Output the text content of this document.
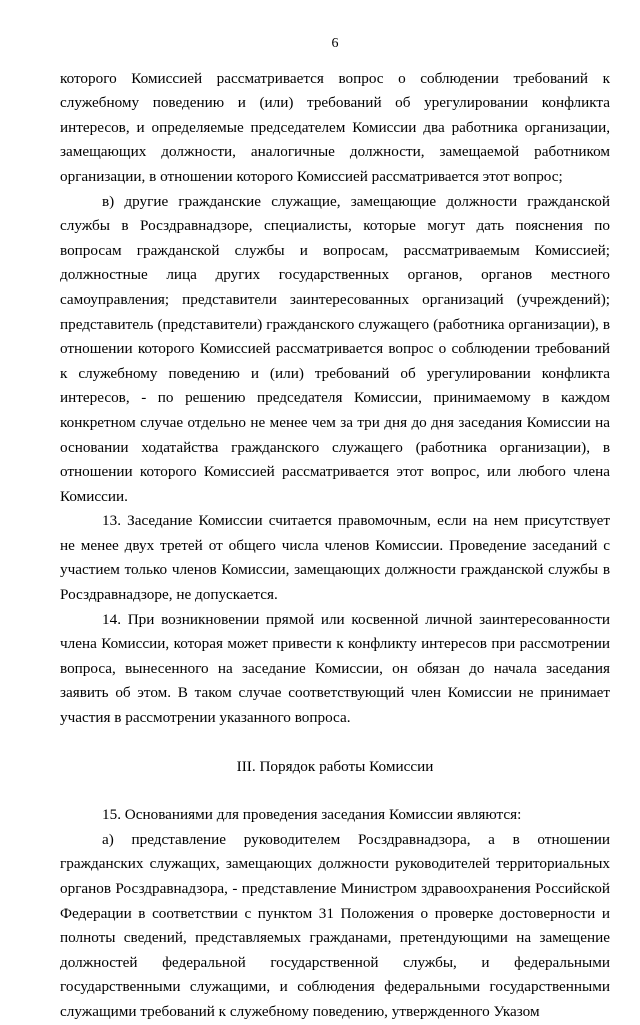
6

которого Комиссией рассматривается вопрос о соблюдении требований к служебному поведению и (или) требований об урегулировании конфликта интересов, и определяемые председателем Комиссии два работника организации, замещающих должности, аналогичные должности, замещаемой работником организации, в отношении которого Комиссией рассматривается этот вопрос;

в) другие гражданские служащие, замещающие должности гражданской службы в Росздравнадзоре, специалисты, которые могут дать пояснения по вопросам гражданской службы и вопросам, рассматриваемым Комиссией; должностные лица других государственных органов, органов местного самоуправления; представители заинтересованных организаций (учреждений); представитель (представители) гражданского служащего (работника организации), в отношении которого Комиссией рассматривается вопрос о соблюдении требований к служебному поведению и (или) требований об урегулировании конфликта интересов, - по решению председателя Комиссии, принимаемому в каждом конкретном случае отдельно не менее чем за три дня до дня заседания Комиссии на основании ходатайства гражданского служащего (работника организации), в отношении которого Комиссией рассматривается этот вопрос, или любого члена Комиссии.

13. Заседание Комиссии считается правомочным, если на нем присутствует не менее двух третей от общего числа членов Комиссии. Проведение заседаний с участием только членов Комиссии, замещающих должности гражданской службы в Росздравнадзоре, не допускается.

14. При возникновении прямой или косвенной личной заинтересованности члена Комиссии, которая может привести к конфликту интересов при рассмотрении вопроса, вынесенного на заседание Комиссии, он обязан до начала заседания заявить об этом. В таком случае соответствующий член Комиссии не принимает участия в рассмотрении указанного вопроса.

III. Порядок работы Комиссии

15. Основаниями для проведения заседания Комиссии являются:

а) представление руководителем Росздравнадзора, а в отношении гражданских служащих, замещающих должности руководителей территориальных органов Росздравнадзора, - представление Министром здравоохранения Российской Федерации в соответствии с пунктом 31 Положения о проверке достоверности и полноты сведений, представляемых гражданами, претендующими на замещение должностей федеральной государственной службы, и федеральными государственными служащими, и соблюдения федеральными государственными служащими требований к служебному поведению, утвержденного Указом
